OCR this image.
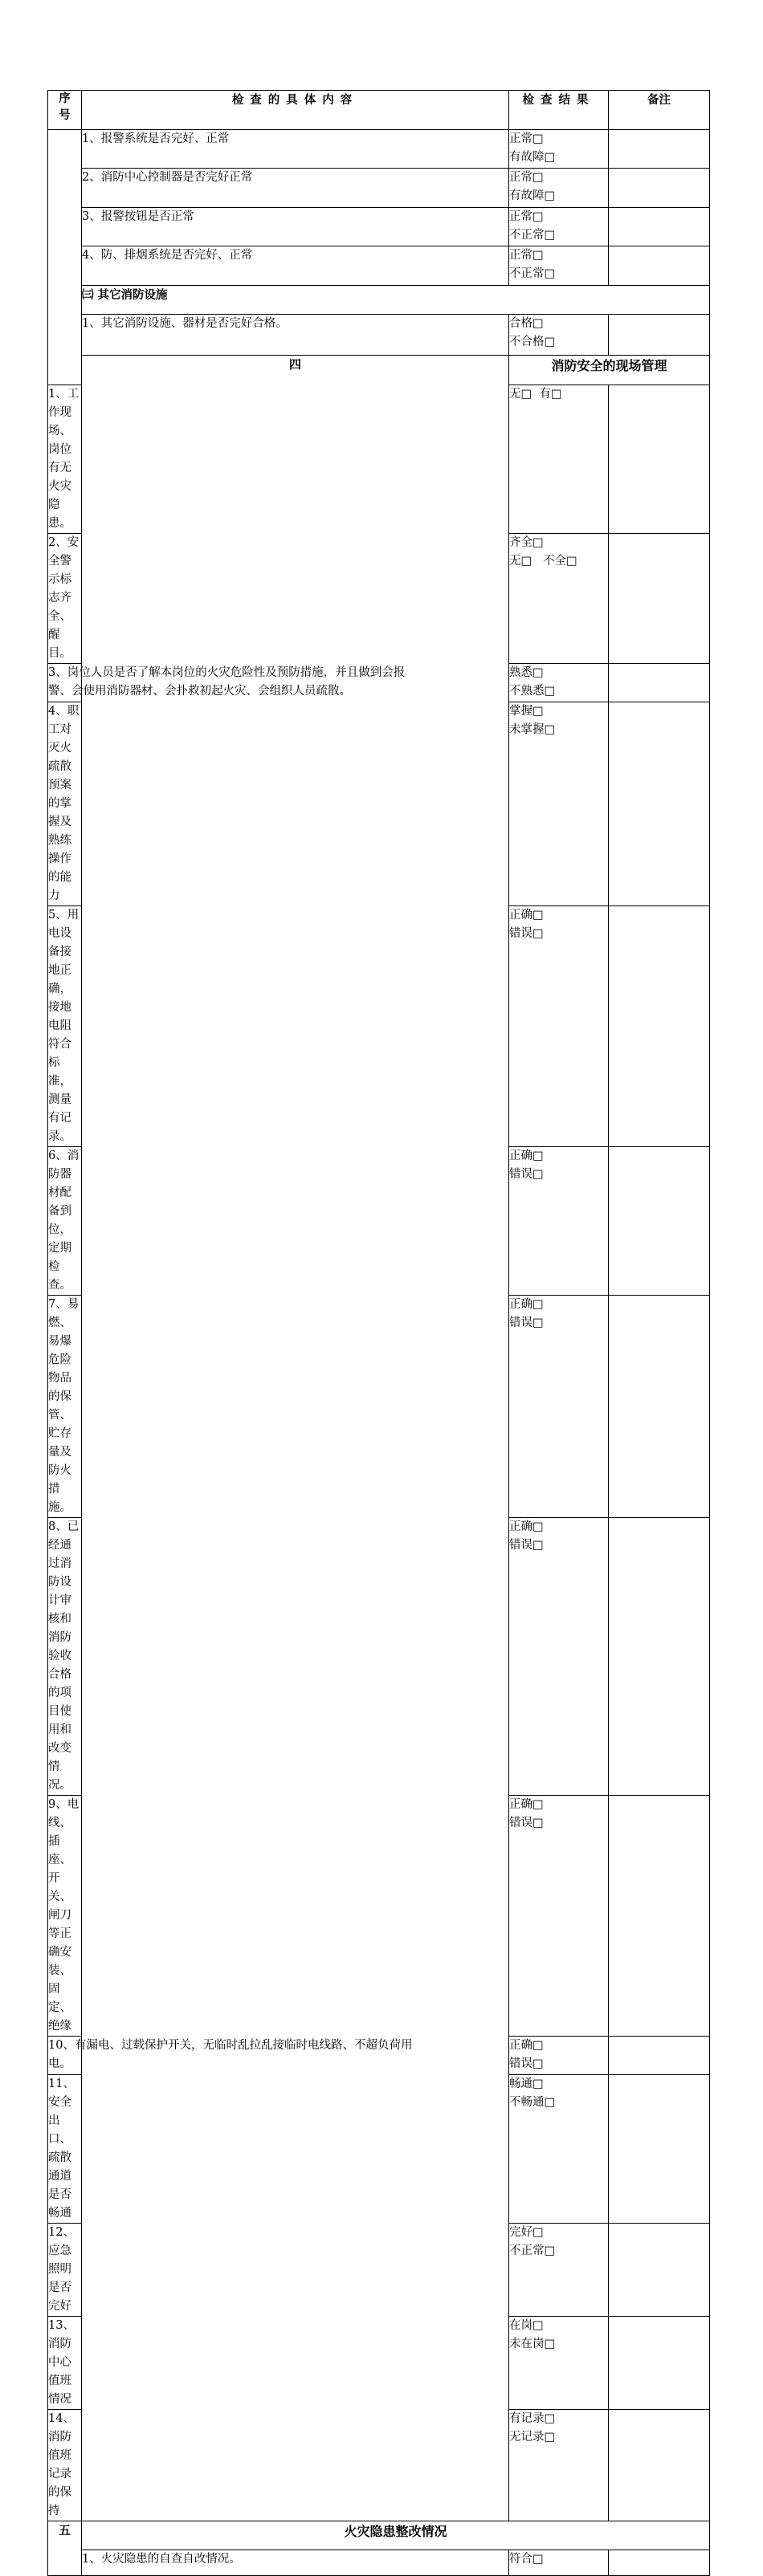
序
号	检查的具体内容	检查结果	备注
	1、报警系统是否完好、正常	正常□
有故障□	

	2、消防中心控制器是否完好正常	正常□
有故障□	

	3、报警按钮是否正常	正常□
不正常□	

	4、防、排烟系统是否完好、正常	正常□
不正常□	

	㈢ 其它消防设施		
	1、其它消防设施、器材是否完好合格。	合格□
不合格□	

	四	消防安全的现场管理	
1、工作现场、岗位有无火灾隐患。		无□  有□	

2、安全警示标志齐全、醒目。		齐全□
无□   不全□	

3、岗位人员是否了解本岗位的火灾危险性及预防措施，并且做到会报
警、会使用消防器材、会扑救初起火灾、会组织人员疏散。		熟悉□
不熟悉□	

4、职工对灭火疏散预案的掌握及熟练操作的能力		掌握□
未掌握□	

5、用电设备接地正确，接地电阻符合标准，测量有记录。		正确□
错误□	

6、消防器材配备到位，定期检查。		正确□
错误□	

7、易燃、易爆危险物品的保管、贮存量及防火措施。		正确□
错误□	

8、已经通过消防设计审核和消防验收合格的项目使用和改变情况。		正确□
错误□	

9、电线、插座、开关、闸刀等正确安装、固定、绝缘		正确□
错误□	

10、有漏电、过载保护开关，无临时乱拉乱接临时电线路、不超负荷用
电。		正确□
错误□	

11、安全出口、疏散通道是否畅通		畅通□
不畅通□	

12、应急照明是否完好		完好□
不正常□	

13、消防中心值班情况		在岗□
未在岗□	

14、消防值班记录的保持		有记录□
无记录□	

五	火灾隐患整改情况		
	1、火灾隐患的自查自改情况。	符合□	
